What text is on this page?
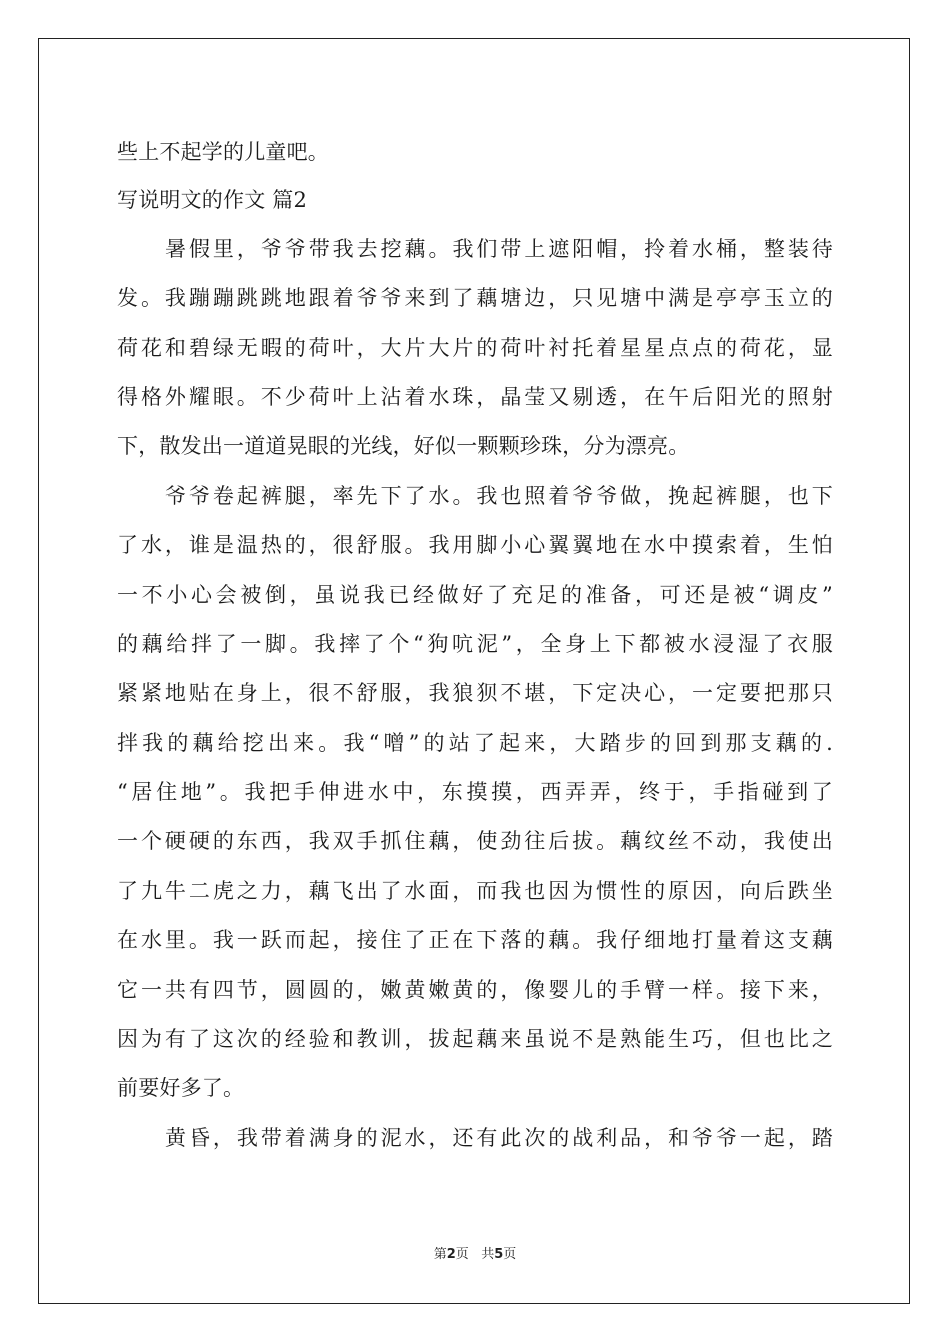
些上不起学的儿童吧。

写说明文的作文 篇2

暑假里，爷爷带我去挖藕。我们带上遮阳帽，拎着水桶，整装待

发。我蹦蹦跳跳地跟着爷爷来到了藕塘边，只见塘中满是亭亭玉立的

荷花和碧绿无暇的荷叶，大片大片的荷叶衬托着星星点点的荷花，显

得格外耀眼。不少荷叶上沾着水珠，晶莹又剔透，在午后阳光的照射

下，散发出一道道晃眼的光线，好似一颗颗珍珠，分为漂亮。

爷爷卷起裤腿，率先下了水。我也照着爷爷做，挽起裤腿，也下

了水，谁是温热的，很舒服。我用脚小心翼翼地在水中摸索着，生怕

一不小心会被倒，虽说我已经做好了充足的准备，可还是被“调皮”

的藕给拌了一脚。我摔了个“狗吭泥”，全身上下都被水浸湿了衣服

紧紧地贴在身上，很不舒服，我狼狈不堪，下定决心，一定要把那只

拌我的藕给挖出来。我“噌”的站了起来，大踏步的回到那支藕的.

“居住地”。我把手伸进水中，东摸摸，西弄弄，终于，手指碰到了

一个硬硬的东西，我双手抓住藕，使劲往后拔。藕纹丝不动，我使出

了九牛二虎之力，藕飞出了水面，而我也因为惯性的原因，向后跌坐

在水里。我一跃而起，接住了正在下落的藕。我仔细地打量着这支藕

它一共有四节，圆圆的，嫩黄嫩黄的，像婴儿的手臂一样。接下来，

因为有了这次的经验和教训，拔起藕来虽说不是熟能生巧，但也比之

前要好多了。

黄昏，我带着满身的泥水，还有此次的战利品，和爷爷一起，踏

第2页   共5页
